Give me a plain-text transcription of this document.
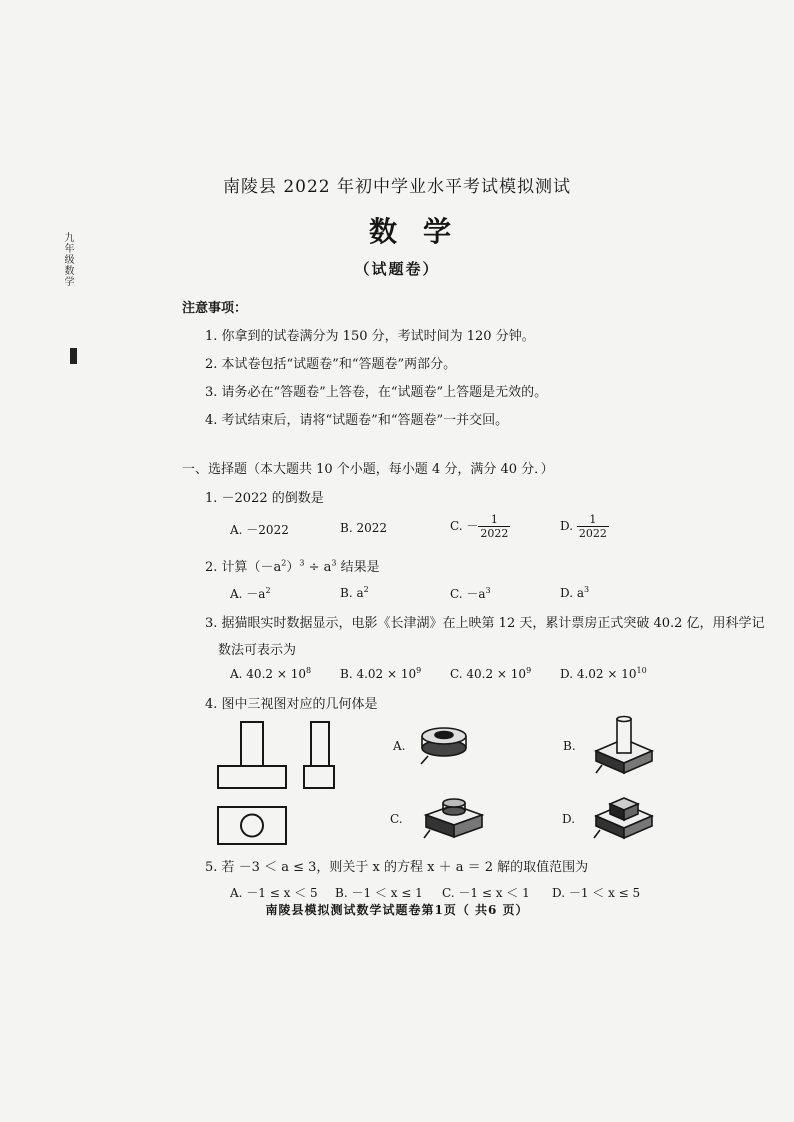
九年级数学
南陵县 2022 年初中学业水平考试模拟测试
数学
（试题卷）
注意事项：
1. 你拿到的试卷满分为 150 分，考试时间为 120 分钟。
2. 本试卷包括“试题卷”和“答题卷”两部分。
3. 请务必在“答题卷”上答卷，在“试题卷”上答题是无效的。
4. 考试结束后，请将“试题卷”和“答题卷”一并交回。
一、选择题（本大题共 10 个小题，每小题 4 分，满分 40 分．）
1. －2022 的倒数是
A. －2022	B. 2022	C. － $\frac{1}{2022}$	D. $\frac{1}{2022}$
2. 计算$(-a^2)^3 \div a^3$ 结果是
A. $-a^2$	B. $a^2$	C. $-a^3$	D. $a^3$
3. 据猫眼实时数据显示，电影《长津湖》在上映第 12 天，累计票房正式突破 40.2 亿，用科学记
数法可表示为
A. $40.2 \times 10^8$ B. $4.02 \times 10^9$ C. $40.2 \times 10^9$ D. $4.02 \times 10^{10}$
4. 图中三视图对应的几何体是
A.	B.
C.	D.
5. 若 －3 ＜ a ≤ 3，则关于 x 的方程 x ＋ a ＝ 2 解的取值范围为
A. －1 ≤ x ＜ 5 B. －1 ＜ x ≤ 1 C. －1 ≤ x ＜ 1 D. －1 ＜ x ≤ 5
南陵县模拟测试数学试题卷第1页（ 共6 页）
